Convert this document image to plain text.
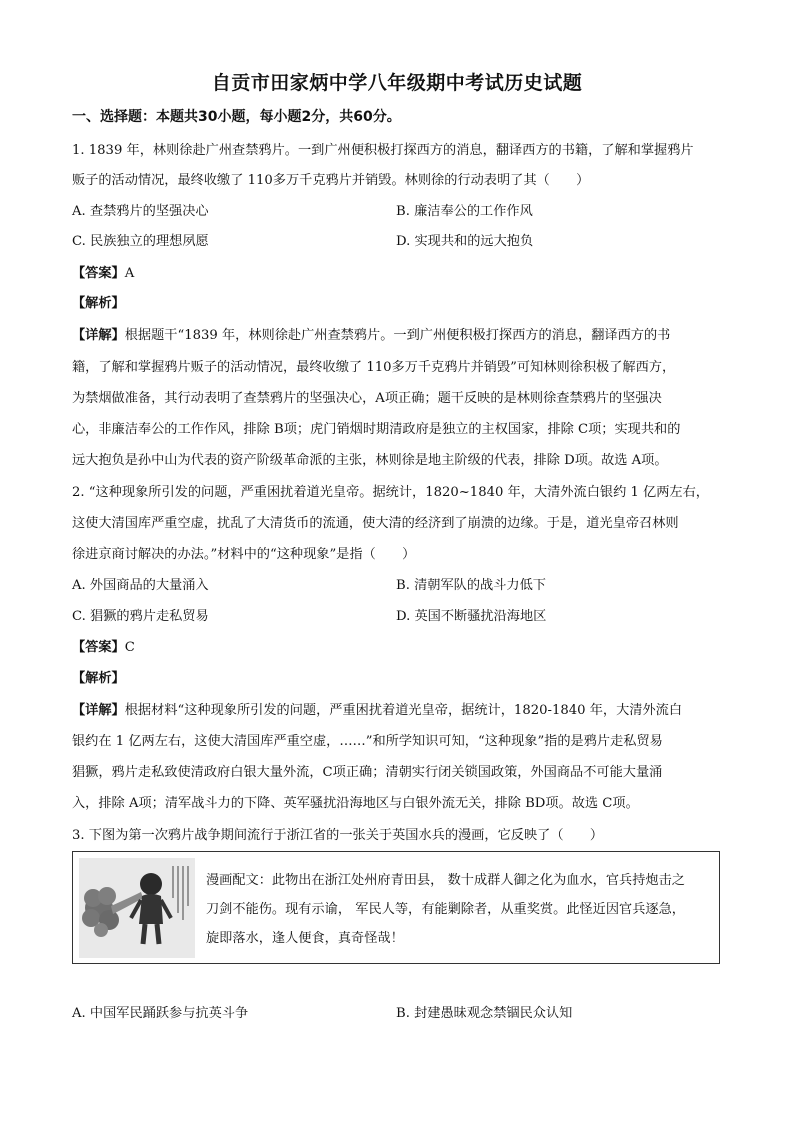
自贡市田家炳中学八年级期中考试历史试题
一、选择题：本题共30小题，每小题2分，共60分。
1. 1839 年，林则徐赴广州查禁鸦片。一到广州便积极打探西方的消息，翻译西方的书籍，了解和掌握鸦片
贩子的活动情况，最终收缴了 110多万千克鸦片并销毁。林则徐的行动表明了其（　　）
A. 查禁鸦片的坚强决心	B. 廉洁奉公的工作作风
C. 民族独立的理想夙愿	D. 实现共和的远大抱负
【答案】A
【解析】
【详解】根据题干“1839 年，林则徐赴广州查禁鸦片。一到广州便积极打探西方的消息，翻译西方的书
籍，了解和掌握鸦片贩子的活动情况，最终收缴了 110多万千克鸦片并销毁”可知林则徐积极了解西方，
为禁烟做准备，其行动表明了查禁鸦片的坚强决心，A项正确；题干反映的是林则徐查禁鸦片的坚强决
心，非廉洁奉公的工作作风，排除 B项；虎门销烟时期清政府是独立的主权国家，排除 C项；实现共和的
远大抱负是孙中山为代表的资产阶级革命派的主张，林则徐是地主阶级的代表，排除 D项。故选 A项。
2. “这种现象所引发的问题，严重困扰着道光皇帝。据统计，1820~1840 年，大清外流白银约 1 亿两左右，
这使大清国库严重空虚，扰乱了大清货币的流通，使大清的经济到了崩溃的边缘。于是，道光皇帝召林则
徐进京商讨解决的办法。”材料中的“这种现象”是指（　　）
A. 外国商品的大量涌入	B. 清朝军队的战斗力低下
C. 猖獗的鸦片走私贸易	D. 英国不断骚扰沿海地区
【答案】C
【解析】
【详解】根据材料“这种现象所引发的问题，严重困扰着道光皇帝，据统计，1820-1840 年，大清外流白
银约在 1 亿两左右，这使大清国库严重空虚，……”和所学知识可知，“这种现象”指的是鸦片走私贸易
猖獗，鸦片走私致使清政府白银大量外流，C项正确；清朝实行闭关锁国政策，外国商品不可能大量涌
入，排除 A项；清军战斗力的下降、英军骚扰沿海地区与白银外流无关，排除 BD项。故选 C项。
3. 下图为第一次鸦片战争期间流行于浙江省的一张关于英国水兵的漫画，它反映了（　　）
漫画配文：此物出在浙江处州府青田县， 数十成群人御之化为血水，官兵持炮击之
刀剑不能伤。现有示谕， 军民人等，有能剿除者，从重奖赏。此怪近因官兵逐急，
旋即落水，逢人便食，真奇怪哉！
A. 中国军民踊跃参与抗英斗争	B. 封建愚昧观念禁锢民众认知
